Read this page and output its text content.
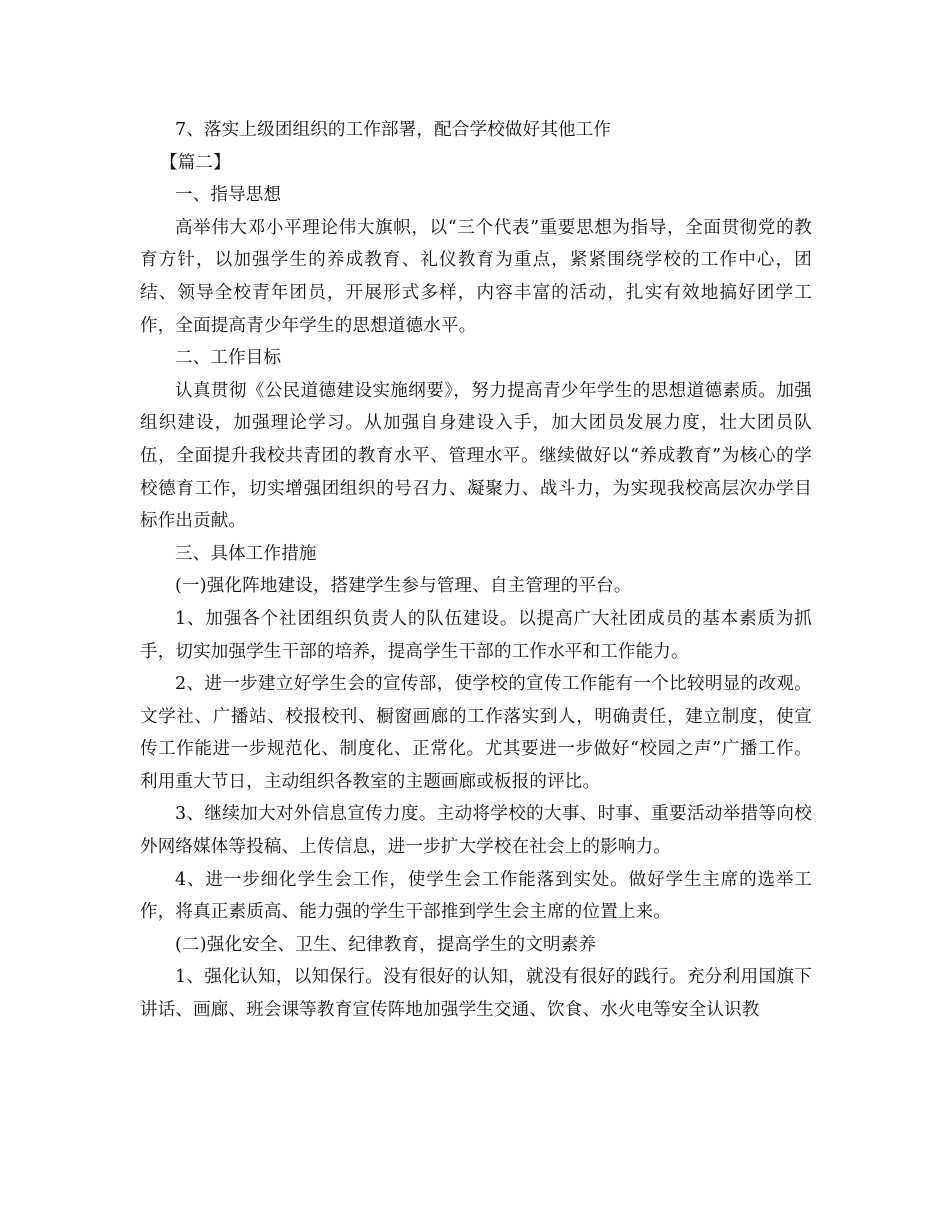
7、落实上级团组织的工作部署，配合学校做好其他工作

【篇二】

一、指导思想

高举伟大邓小平理论伟大旗帜，以“三个代表”重要思想为指导，全面贯彻党的教育方针，以加强学生的养成教育、礼仪教育为重点，紧紧围绕学校的工作中心，团结、领导全校青年团员，开展形式多样，内容丰富的活动，扎实有效地搞好团学工作，全面提高青少年学生的思想道德水平。

二、工作目标

认真贯彻《公民道德建设实施纲要》，努力提高青少年学生的思想道德素质。加强组织建设，加强理论学习。从加强自身建设入手，加大团员发展力度，壮大团员队伍，全面提升我校共青团的教育水平、管理水平。继续做好以“养成教育”为核心的学校德育工作，切实增强团组织的号召力、凝聚力、战斗力，为实现我校高层次办学目标作出贡献。

三、具体工作措施

(一)强化阵地建设，搭建学生参与管理、自主管理的平台。

1、加强各个社团组织负责人的队伍建设。以提高广大社团成员的基本素质为抓手，切实加强学生干部的培养，提高学生干部的工作水平和工作能力。

2、进一步建立好学生会的宣传部，使学校的宣传工作能有一个比较明显的改观。文学社、广播站、校报校刊、橱窗画廊的工作落实到人，明确责任，建立制度，使宣传工作能进一步规范化、制度化、正常化。尤其要进一步做好“校园之声”广播工作。利用重大节日，主动组织各教室的主题画廊或板报的评比。

3、继续加大对外信息宣传力度。主动将学校的大事、时事、重要活动举措等向校外网络媒体等投稿、上传信息，进一步扩大学校在社会上的影响力。

4、进一步细化学生会工作，使学生会工作能落到实处。做好学生主席的选举工作，将真正素质高、能力强的学生干部推到学生会主席的位置上来。

(二)强化安全、卫生、纪律教育，提高学生的文明素养

1、强化认知，以知保行。没有很好的认知，就没有很好的践行。充分利用国旗下讲话、画廊、班会课等教育宣传阵地加强学生交通、饮食、水火电等安全认识教
